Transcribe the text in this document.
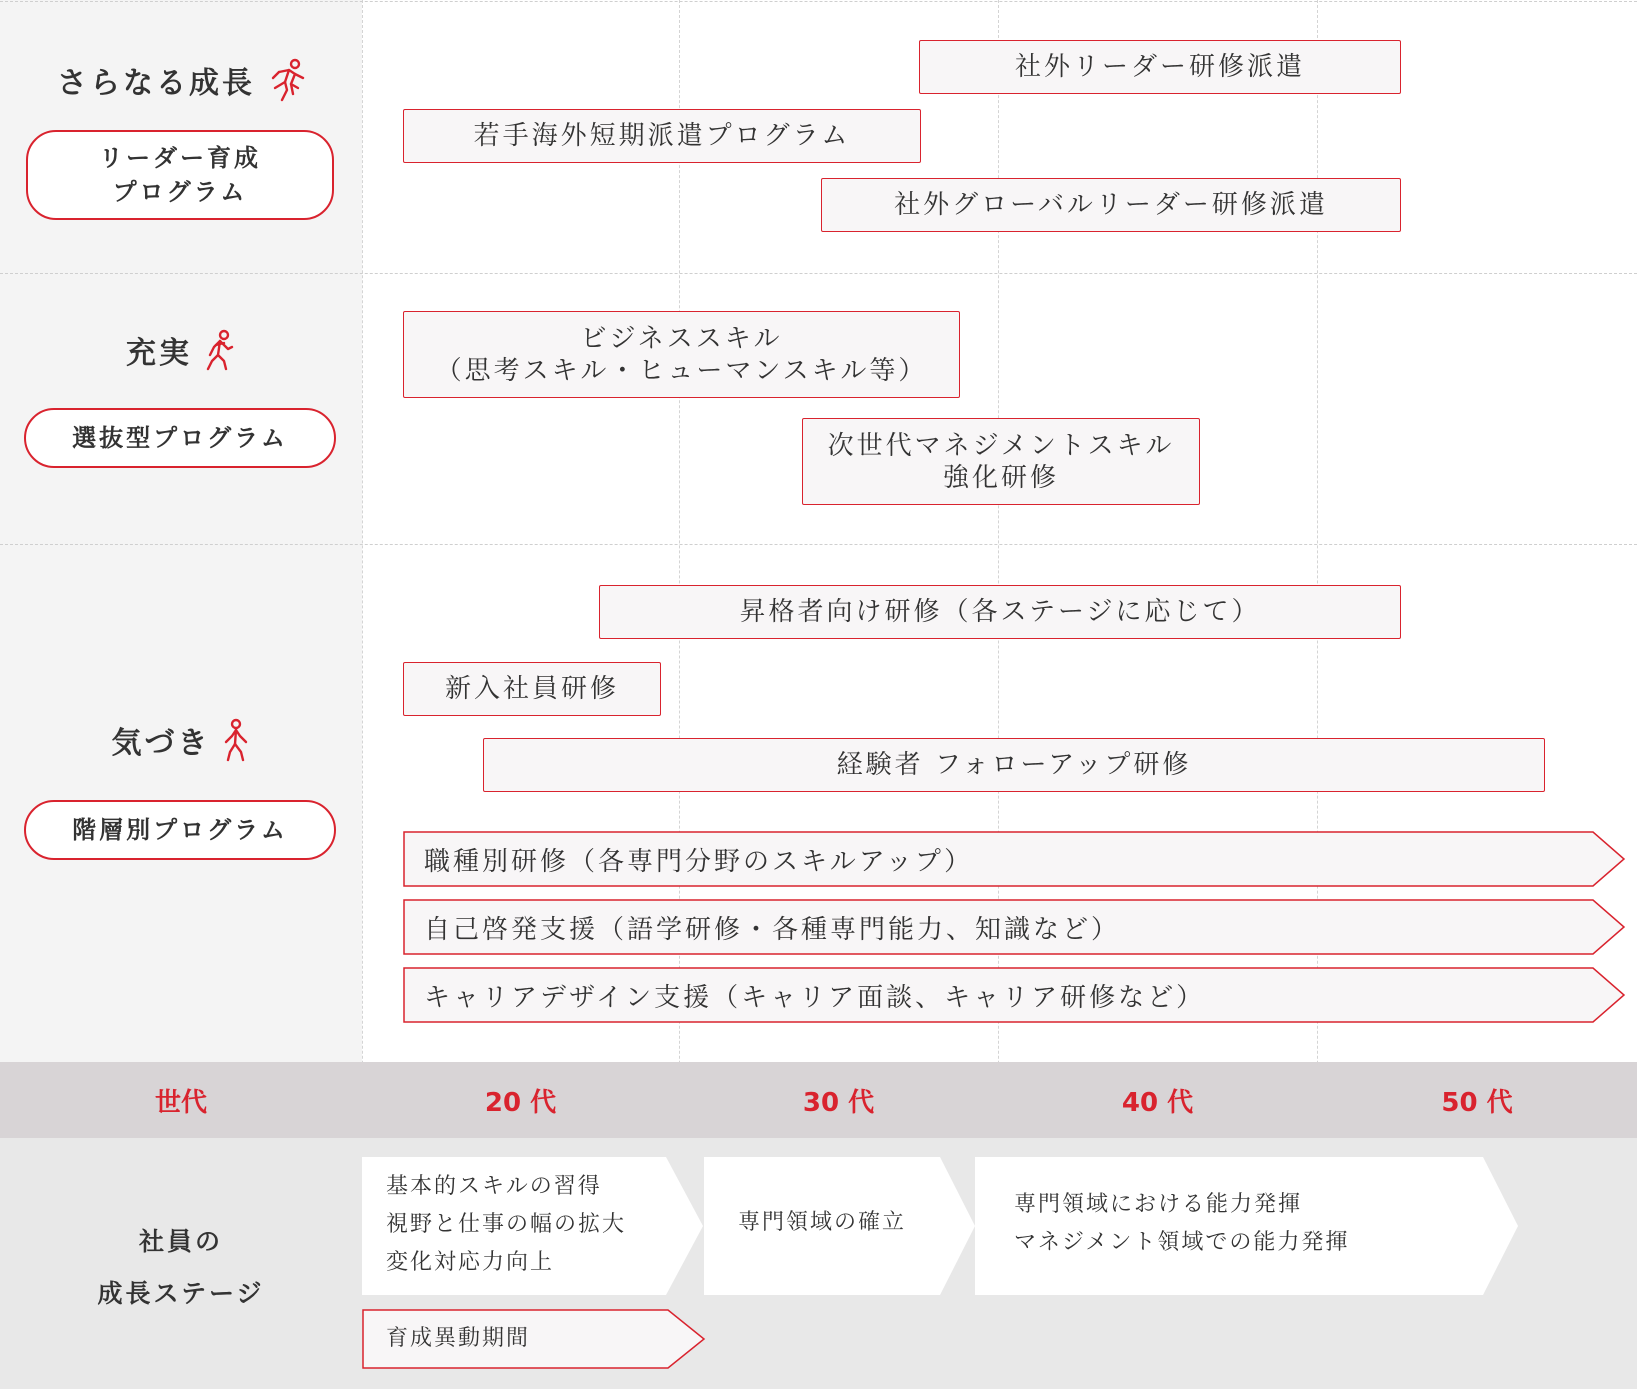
さらなる成長
リーダー育成
プログラム
充実
選抜型プログラム
気づき
階層別プログラム
社外リーダー研修派遣
若手海外短期派遣プログラム
社外グローバルリーダー研修派遣
ビジネススキル
（思考スキル・ヒューマンスキル等）
次世代マネジメントスキル
強化研修
昇格者向け研修（各ステージに応じて）
新入社員研修
経験者 フォローアップ研修
職種別研修（各専門分野のスキルアップ）
自己啓発支援（語学研修・各種専門能力、知識など）
キャリアデザイン支援（キャリア面談、キャリア研修など）
世代	20 代	30 代	40 代	50 代
社員の
成長ステージ
基本的スキルの習得
視野と仕事の幅の拡大
変化対応力向上
専門領域の確立
専門領域における能力発揮
マネジメント領域での能力発揮
育成異動期間
